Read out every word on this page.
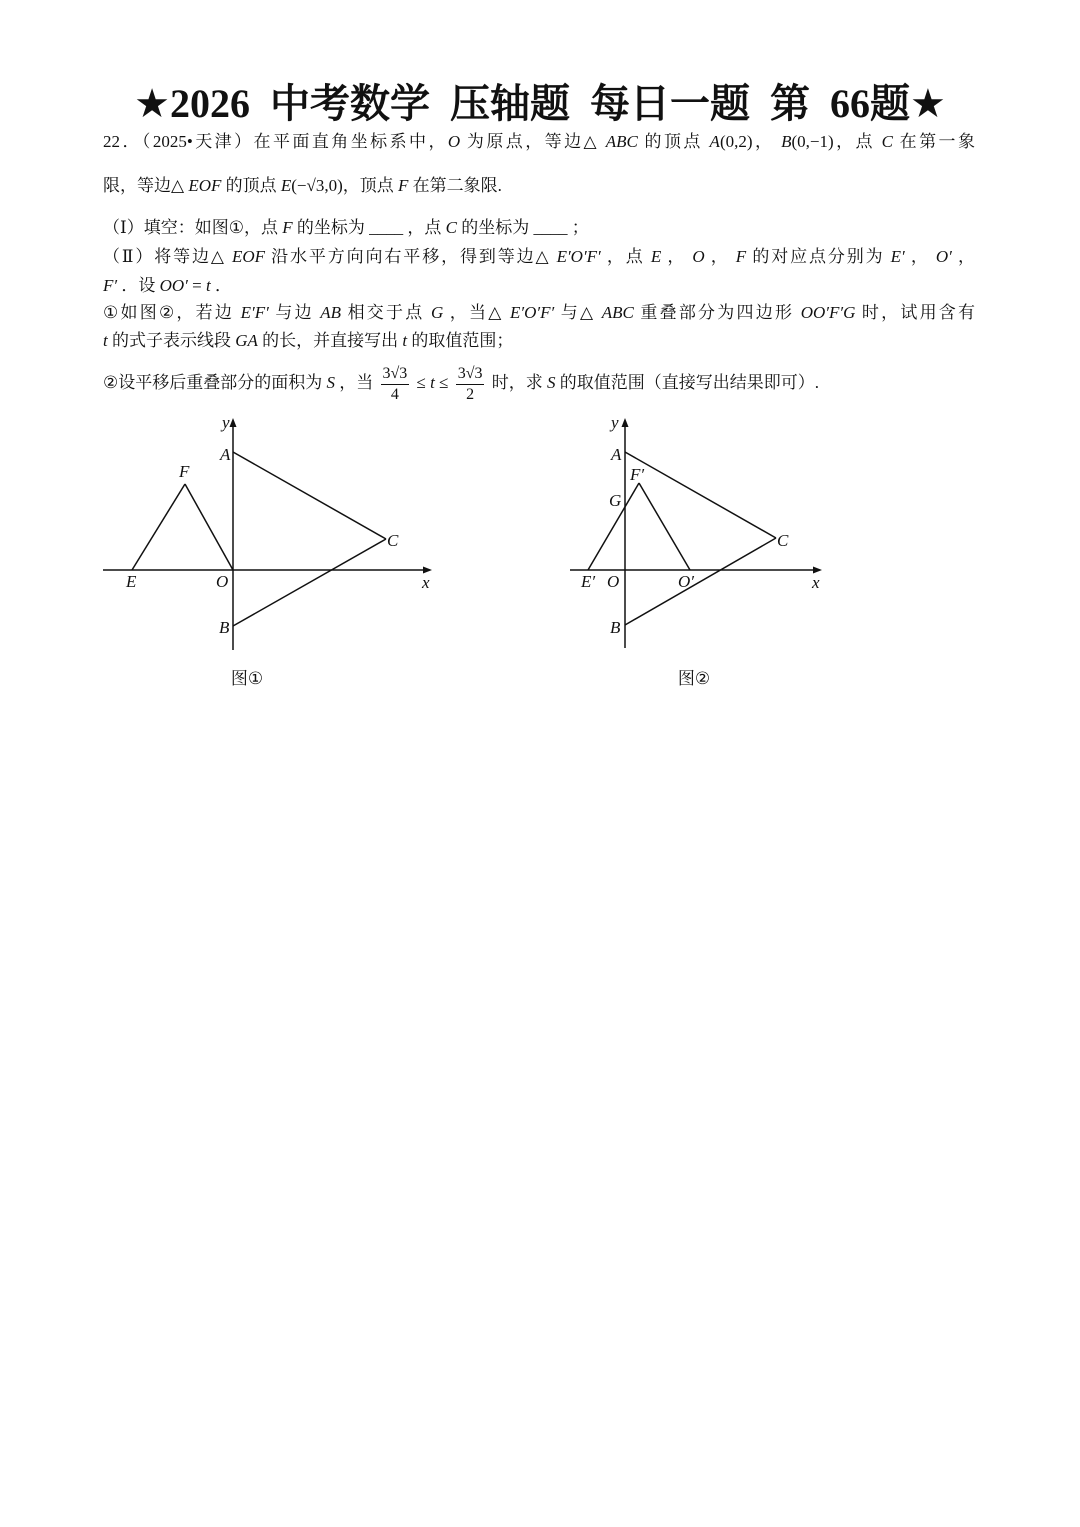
★2026 中考数学 压轴题 每日一题 第 66题★
22．（2025•天津）在平面直角坐标系中，O 为原点，等边△ ABC 的顶点 A(0,2)， B(0,−1)，点 C 在第一象
限，等边△ EOF 的顶点 E(−√3,0)，顶点 F 在第二象限.
（Ⅰ）填空：如图①，点 F 的坐标为 ____ ，点 C 的坐标为 ____ ；
（Ⅱ）将等边△ EOF 沿水平方向向右平移，得到等边△ E′O′F′ ，点 E ， O ， F 的对应点分别为 E′ ， O′ ，
F′ ．设 OO′ = t ．
①如图②，若边 E′F′ 与边 AB 相交于点 G ，当△ E′O′F′ 与△ ABC 重叠部分为四边形 OO′F′G 时，试用含有
t 的式子表示线段 GA 的长，并直接写出 t 的取值范围；
②设平移后重叠部分的面积为 S ，当 $\frac{3√3}{4} \le t \le \frac{3√3}{2}$ 时，求 S 的取值范围（直接写出结果即可）.
y
A
F
C
E	O	x
B
图①
y
A
F′
G
C
E′ O	O′	x
B
图②
